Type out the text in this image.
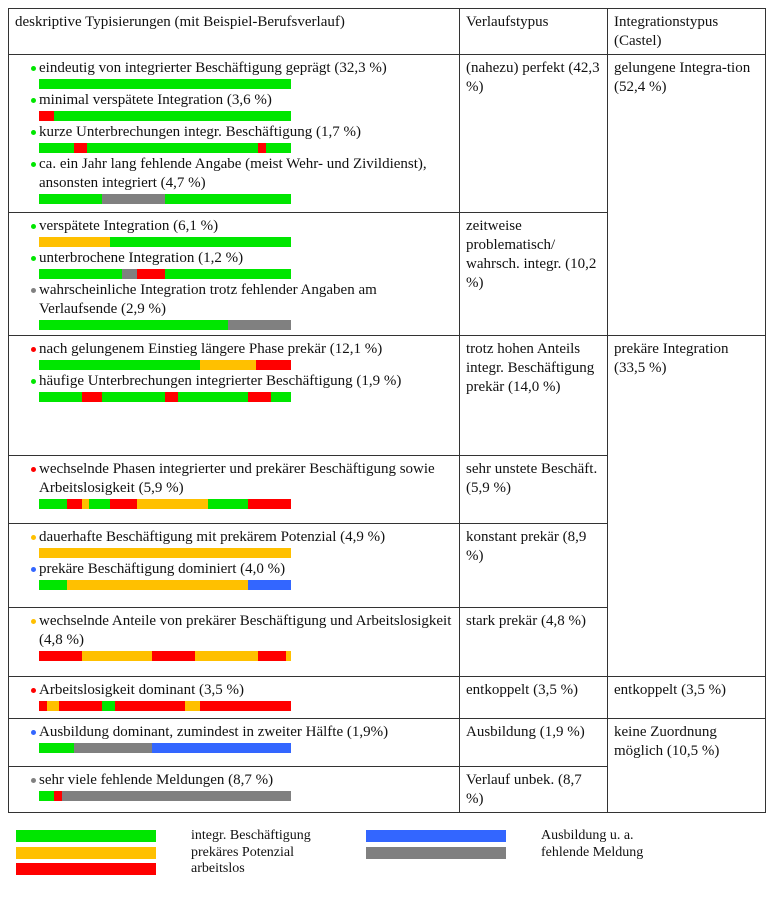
deskriptive Typisierungen (mit Beispiel-Berufsverlauf)	Verlaufstypus	Integrationstypus (Castel)

eindeutig von integrierter Beschäftigung geprägt (32,3 %)
minimal verspätete Integration (3,6 %)
kurze Unterbrechungen integr. Beschäftigung (1,7 %)
ca. ein Jahr lang fehlende Angabe (meist Wehr- und Zivildienst), ansonsten integriert (4,7 %)	(nahezu) perfekt (42,3 %)	gelungene Integra-tion (52,4 %)

verspätete Integration (6,1 %)
unterbrochene Integration (1,2 %)
wahrscheinliche Integration trotz fehlender Angaben am Verlaufsende (2,9 %)	zeitweise problematisch/ wahrsch. integr. (10,2 %)	

nach gelungenem Einstieg längere Phase prekär (12,1 %)
häufige Unterbrechungen integrierter Beschäftigung (1,9 %)	trotz hohen Anteils integr. Beschäftigung prekär (14,0 %)	prekäre Integration (33,5 %)

wechselnde Phasen integrierter und prekärer Beschäftigung sowie Arbeitslosigkeit (5,9 %)	sehr unstete Beschäft. (5,9 %)	

dauerhafte Beschäftigung mit prekärem Potenzial (4,9 %)
prekäre Beschäftigung dominiert (4,0 %)	konstant prekär (8,9 %)	

wechselnde Anteile von prekärer Beschäftigung und Arbeitslosigkeit (4,8 %)	stark prekär (4,8 %)	

Arbeitslosigkeit dominant (3,5 %)	entkoppelt (3,5 %)	entkoppelt (3,5 %)

Ausbildung dominant, zumindest in zweiter Hälfte (1,9%)	Ausbildung (1,9 %)	keine Zuordnung möglich (10,5 %)

sehr viele fehlende Meldungen (8,7 %)	Verlauf unbek. (8,7 %)	
integr. Beschäftigung
prekäres Potenzial
arbeitslos
Ausbildung u. a.
fehlende Meldung
